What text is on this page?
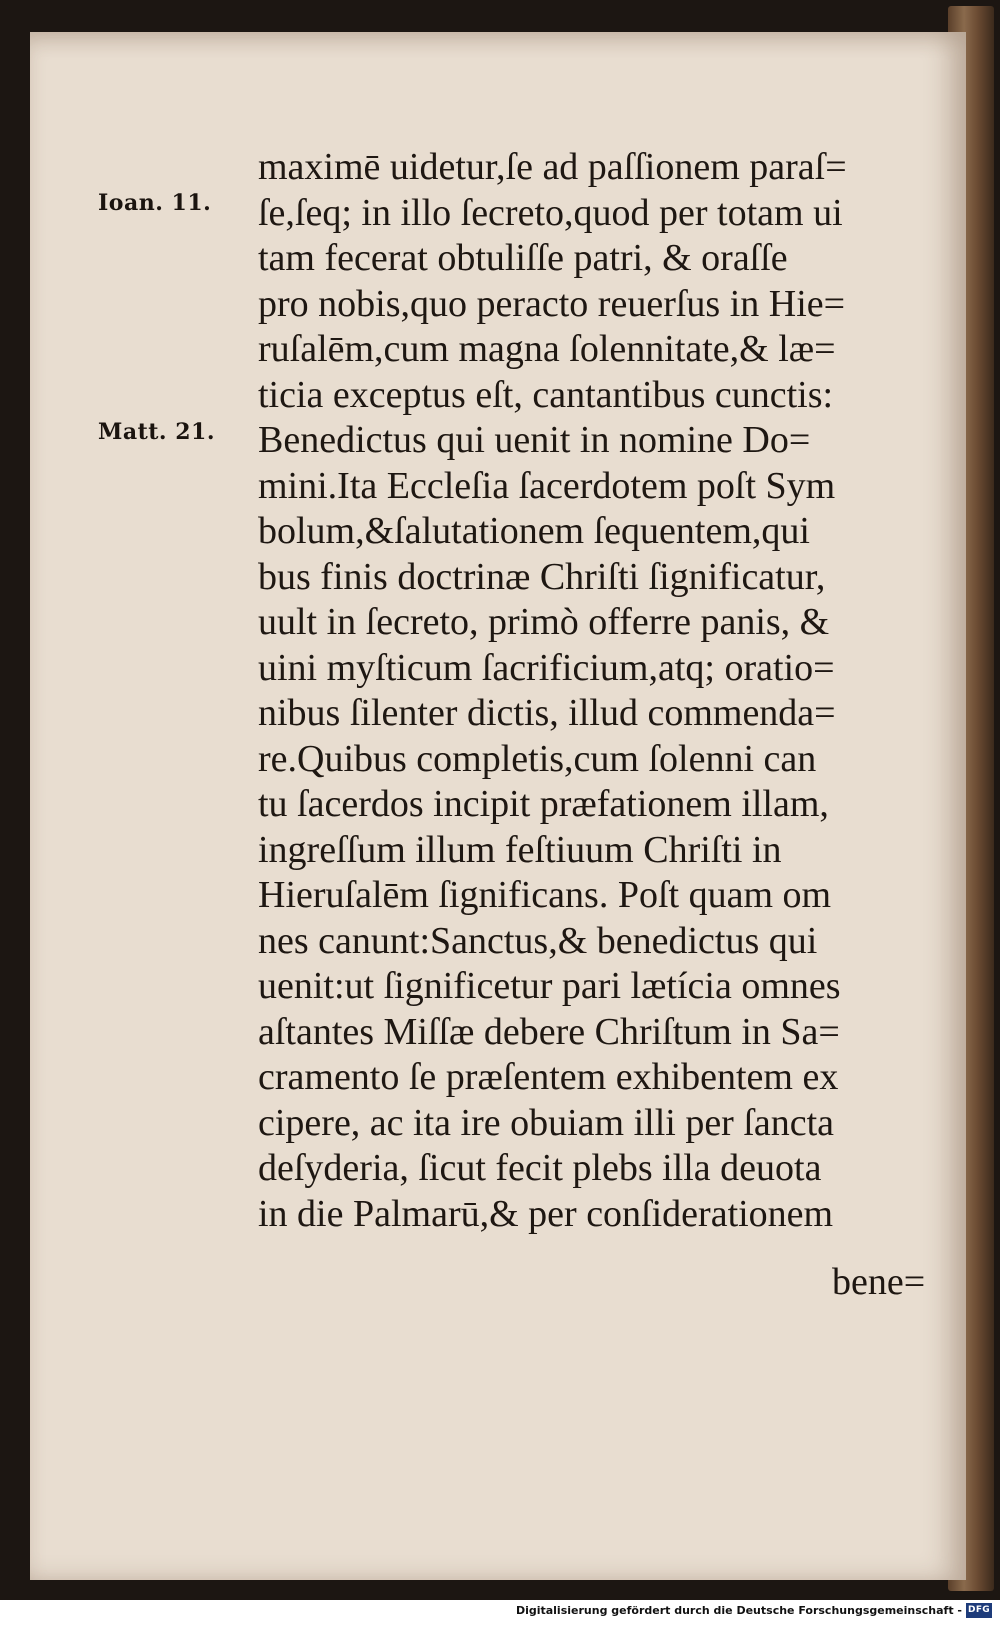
Ioan. 11.
Matt. 21.
maximē uidetur,ſe ad paſſionem paraſ=
ſe,ſeq; in illo ſecreto,quod per totam ui
tam fecerat obtuliſſe patri, & oraſſe
pro nobis,quo peracto reuerſus in Hie=
ruſalēm,cum magna ſolennitate,& læ=
ticia exceptus eſt, cantantibus cunctis:
Benedictus qui uenit in nomine Do=
mini.Ita Eccleſia ſacerdotem poſt Sym
bolum,&ſalutationem ſequentem,qui
bus finis doctrinæ Chriſti ſignificatur,
uult in ſecreto, primò offerre panis, &
uini myſticum ſacrificium,atq; oratio=
nibus ſilenter dictis, illud commenda=
re.Quibus completis,cum ſolenni can
tu ſacerdos incipit præfationem illam,
ingreſſum illum feſtiuum Chriſti in
Hieruſalēm ſignificans. Poſt quam om
nes canunt:Sanctus,& benedictus qui
uenit:ut ſignificetur pari lætícia omnes
aſtantes Miſſæ debere Chriſtum in Sa=
cramento ſe præſentem exhibentem ex
cipere, ac ita ire obuiam illi per ſancta
deſyderia, ſicut fecit plebs illa deuota
in die Palmarū,& per conſiderationem
bene=
Digitalisierung gefördert durch die Deutsche Forschungsgemeinschaft - DFG
